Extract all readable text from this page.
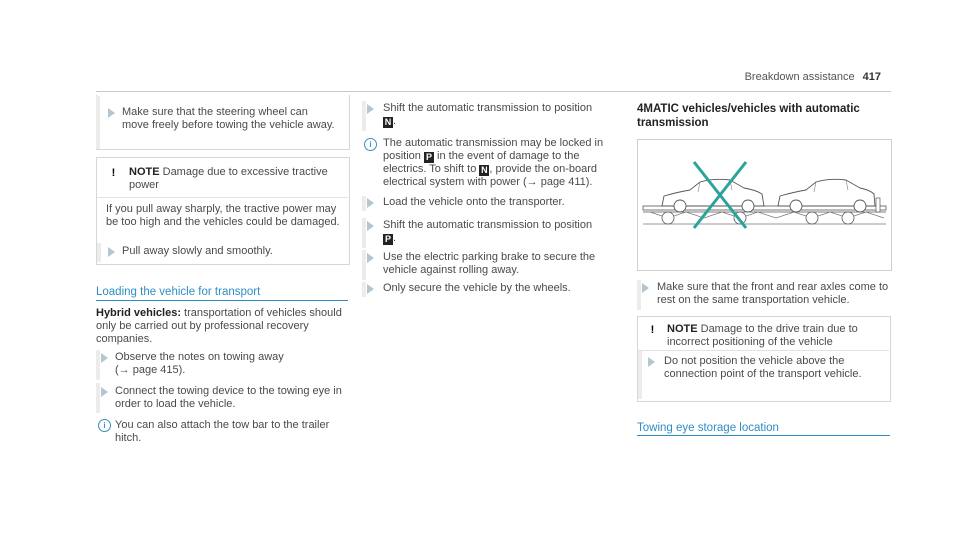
Breakdown assistance 417
Make sure that the steering wheel can move freely before towing the vehicle away.
! NOTE Damage due to excessive tractive power
If you pull away sharply, the tractive power may be too high and the vehicles could be damaged.
Pull away slowly and smoothly.
Loading the vehicle for transport
Hybrid vehicles: transportation of vehicles should only be carried out by professional recovery companies.
Observe the notes on towing away
(→ page 415).
Connect the towing device to the towing eye in order to load the vehicle.
i You can also attach the tow bar to the trailer hitch.
Shift the automatic transmission to position
N .
i	The automatic transmission may be locked in position P in the event of damage to the electrics. To shift to N , provide the on-board electrical system with power (→ page 411).
Load the vehicle onto the transporter.
Shift the automatic transmission to position
P .
Use the electric parking brake to secure the vehicle against rolling away.
Only secure the vehicle by the wheels.
4MATIC vehicles/vehicles with automatic transmission
Make sure that the front and rear axles come to rest on the same transportation vehicle.
! NOTE Damage to the drive train due to incorrect positioning of the vehicle
Do not position the vehicle above the connection point of the transport vehicle.
Towing eye storage location
